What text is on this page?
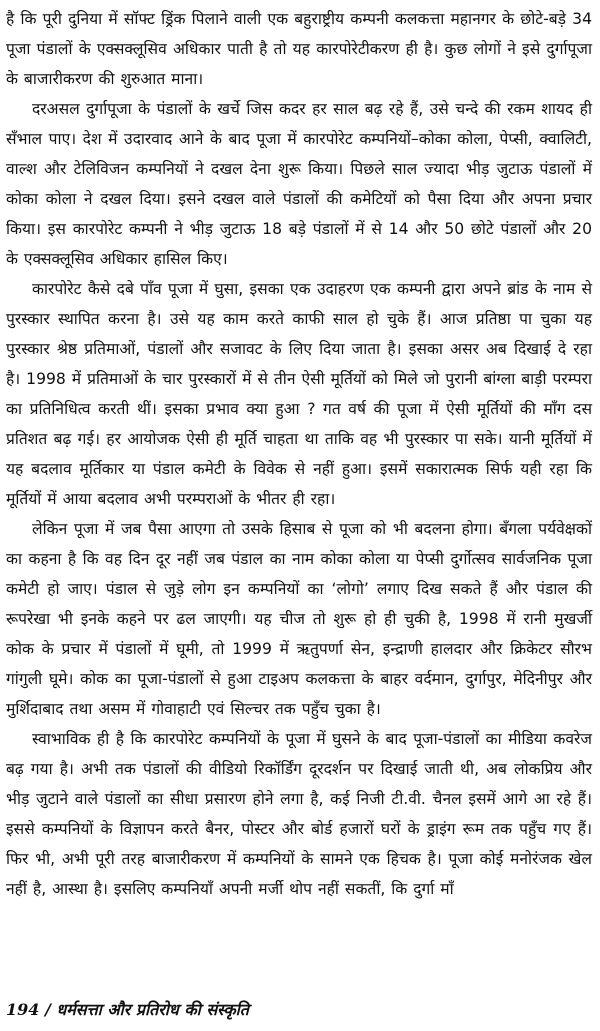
है कि पूरी दुनिया में सॉफ्ट ड्रिंक पिलाने वाली एक बहुराष्ट्रीय कम्पनी कलकत्ता महानगर के छोटे-बड़े 34 पूजा पंडालों के एक्सक्लूसिव अधिकार पाती है तो यह कारपोरेटीकरण ही है। कुछ लोगों ने इसे दुर्गापूजा के बाजारीकरण की शुरुआत माना।

दरअसल दुर्गापूजा के पंडालों के खर्चे जिस कदर हर साल बढ़ रहे हैं, उसे चन्दे की रकम शायद ही सँभाल पाए। देश में उदारवाद आने के बाद पूजा में कारपोरेट कम्पनियों–कोका कोला, पेप्सी, क्वालिटी, वाल्श और टेलिविजन कम्पनियों ने दखल देना शुरू किया। पिछले साल ज्यादा भीड़ जुटाऊ पंडालों में कोका कोला ने दखल दिया। इसने दखल वाले पंडालों की कमेटियों को पैसा दिया और अपना प्रचार किया। इस कारपोरेट कम्पनी ने भीड़ जुटाऊ 18 बड़े पंडालों में से 14 और 50 छोटे पंडालों और 20 के एक्सक्लूसिव अधिकार हासिल किए।

कारपोरेट कैसे दबे पाँव पूजा में घुसा, इसका एक उदाहरण एक कम्पनी द्वारा अपने ब्रांड के नाम से पुरस्कार स्थापित करना है। उसे यह काम करते काफी साल हो चुके हैं। आज प्रतिष्ठा पा चुका यह पुरस्कार श्रेष्ठ प्रतिमाओं, पंडालों और सजावट के लिए दिया जाता है। इसका असर अब दिखाई दे रहा है। 1998 में प्रतिमाओं के चार पुरस्कारों में से तीन ऐसी मूर्तियों को मिले जो पुरानी बांग्ला बाड़ी परम्परा का प्रतिनिधित्व करती थीं। इसका प्रभाव क्या हुआ ? गत वर्ष की पूजा में ऐसी मूर्तियों की माँग दस प्रतिशत बढ़ गई। हर आयोजक ऐसी ही मूर्ति चाहता था ताकि वह भी पुरस्कार पा सके। यानी मूर्तियों में यह बदलाव मूर्तिकार या पंडाल कमेटी के विवेक से नहीं हुआ। इसमें सकारात्मक सिर्फ यही रहा कि मूर्तियों में आया बदलाव अभी परम्पराओं के भीतर ही रहा।

लेकिन पूजा में जब पैसा आएगा तो उसके हिसाब से पूजा को भी बदलना होगा। बँगला पर्यवेक्षकों का कहना है कि वह दिन दूर नहीं जब पंडाल का नाम कोका कोला या पेप्सी दुर्गोत्सव सार्वजनिक पूजा कमेटी हो जाए। पंडाल से जुड़े लोग इन कम्पनियों का ‘लोगो’ लगाए दिख सकते हैं और पंडाल की रूपरेखा भी इनके कहने पर ढल जाएगी। यह चीज तो शुरू हो ही चुकी है, 1998 में रानी मुखर्जी कोक के प्रचार में पंडालों में घूमी, तो 1999 में ऋतुपर्णा सेन, इन्द्राणी हालदार और क्रिकेटर सौरभ गांगुली घूमे। कोक का पूजा-पंडालों से हुआ टाइअप कलकत्ता के बाहर वर्दमान, दुर्गापुर, मेदिनीपुर और मुर्शिदाबाद तथा असम में गोवाहाटी एवं सिल्चर तक पहुँच चुका है।

स्वाभाविक ही है कि कारपोरेट कम्पनियों के पूजा में घुसने के बाद पूजा-पंडालों का मीडिया कवरेज बढ़ गया है। अभी तक पंडालों की वीडियो रिकॉर्डिंग दूरदर्शन पर दिखाई जाती थी, अब लोकप्रिय और भीड़ जुटाने वाले पंडालों का सीधा प्रसारण होने लगा है, कई निजी टी.वी. चैनल इसमें आगे आ रहे हैं। इससे कम्पनियों के विज्ञापन करते बैनर, पोस्टर और बोर्ड हजारों घरों के ड्राइंग रूम तक पहुँच गए हैं। फिर भी, अभी पूरी तरह बाजारीकरण में कम्पनियों के सामने एक हिचक है। पूजा कोई मनोरंजक खेल नहीं है, आस्था है। इसलिए कम्पनियाँ अपनी मर्जी थोप नहीं सकतीं, कि दुर्गा माँ

194 / धर्मसत्ता और प्रतिरोध की संस्कृति
